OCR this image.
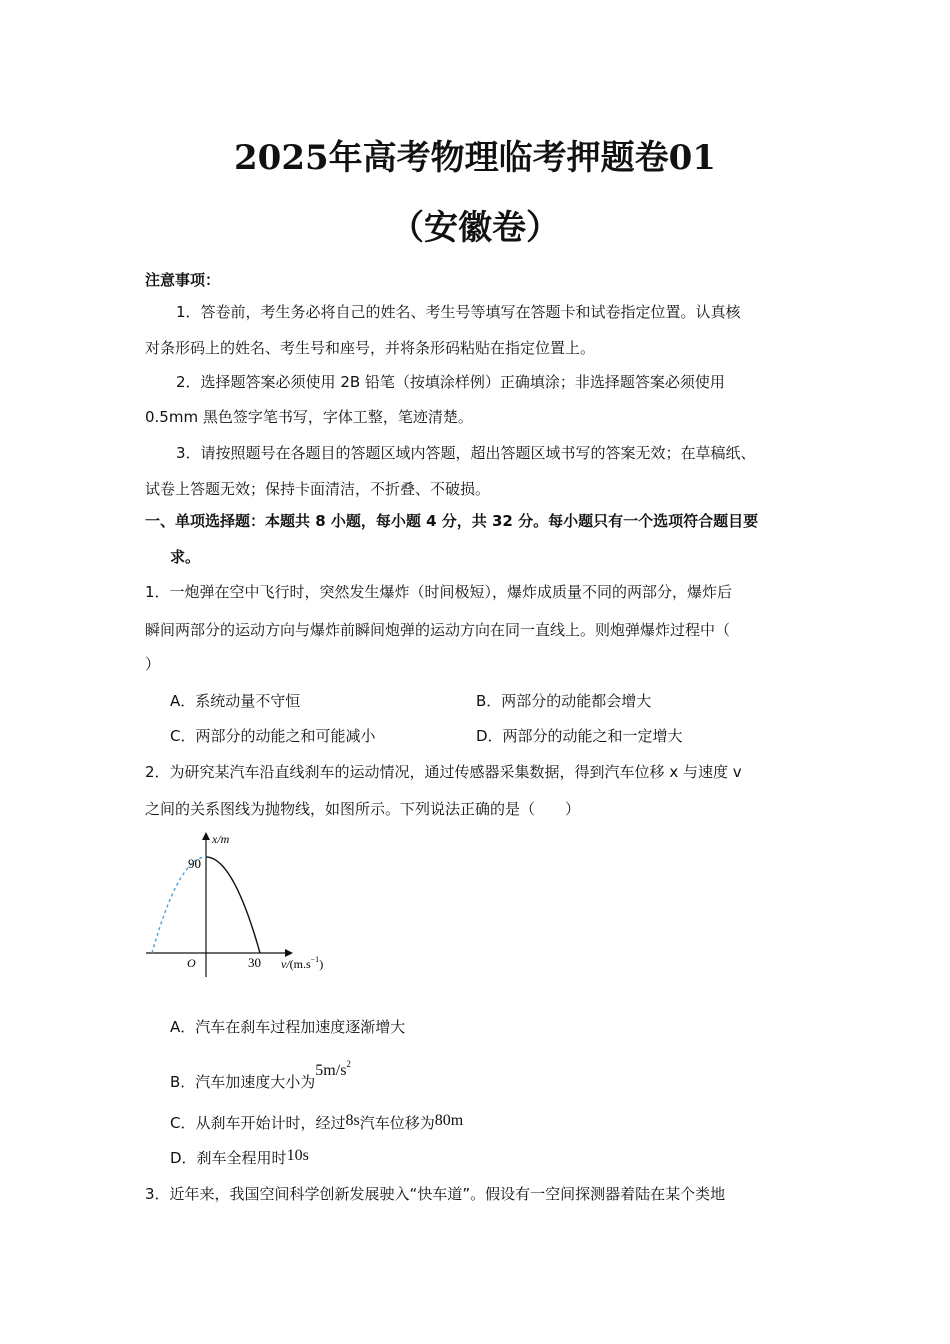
2025年高考物理临考押题卷01
（安徽卷）
注意事项：
1．答卷前，考生务必将自己的姓名、考生号等填写在答题卡和试卷指定位置。认真核
对条形码上的姓名、考生号和座号，并将条形码粘贴在指定位置上。
2．选择题答案必须使用 2B 铅笔（按填涂样例）正确填涂；非选择题答案必须使用
0.5mm 黑色签字笔书写，字体工整，笔迹清楚。
3．请按照题号在各题目的答题区域内答题，超出答题区域书写的答案无效；在草稿纸、
试卷上答题无效；保持卡面清洁，不折叠、不破损。
一、单项选择题：本题共 8 小题，每小题 4 分，共 32 分。每小题只有一个选项符合题目要
求。
1．一炮弹在空中飞行时，突然发生爆炸（时间极短），爆炸成质量不同的两部分，爆炸后
瞬间两部分的运动方向与爆炸前瞬间炮弹的运动方向在同一直线上。则炮弹爆炸过程中（
）
A．系统动量不守恒	B．两部分的动能都会增大
C．两部分的动能之和可能减小	D．两部分的动能之和一定增大
2．为研究某汽车沿直线刹车的运动情况，通过传感器采集数据，得到汽车位移 x 与速度 v
之间的关系图线为抛物线，如图所示。下列说法正确的是（　　）
x/m
90
O	30 $v/(m.s^{-1})$
A．汽车在刹车过程加速度逐渐增大
B．汽车加速度大小为$5m/s^2$
C．从刹车开始计时，经过8s汽车位移为80m
D．刹车全程用时10s
3．近年来，我国空间科学创新发展驶入“快车道”。假设有一空间探测器着陆在某个类地
